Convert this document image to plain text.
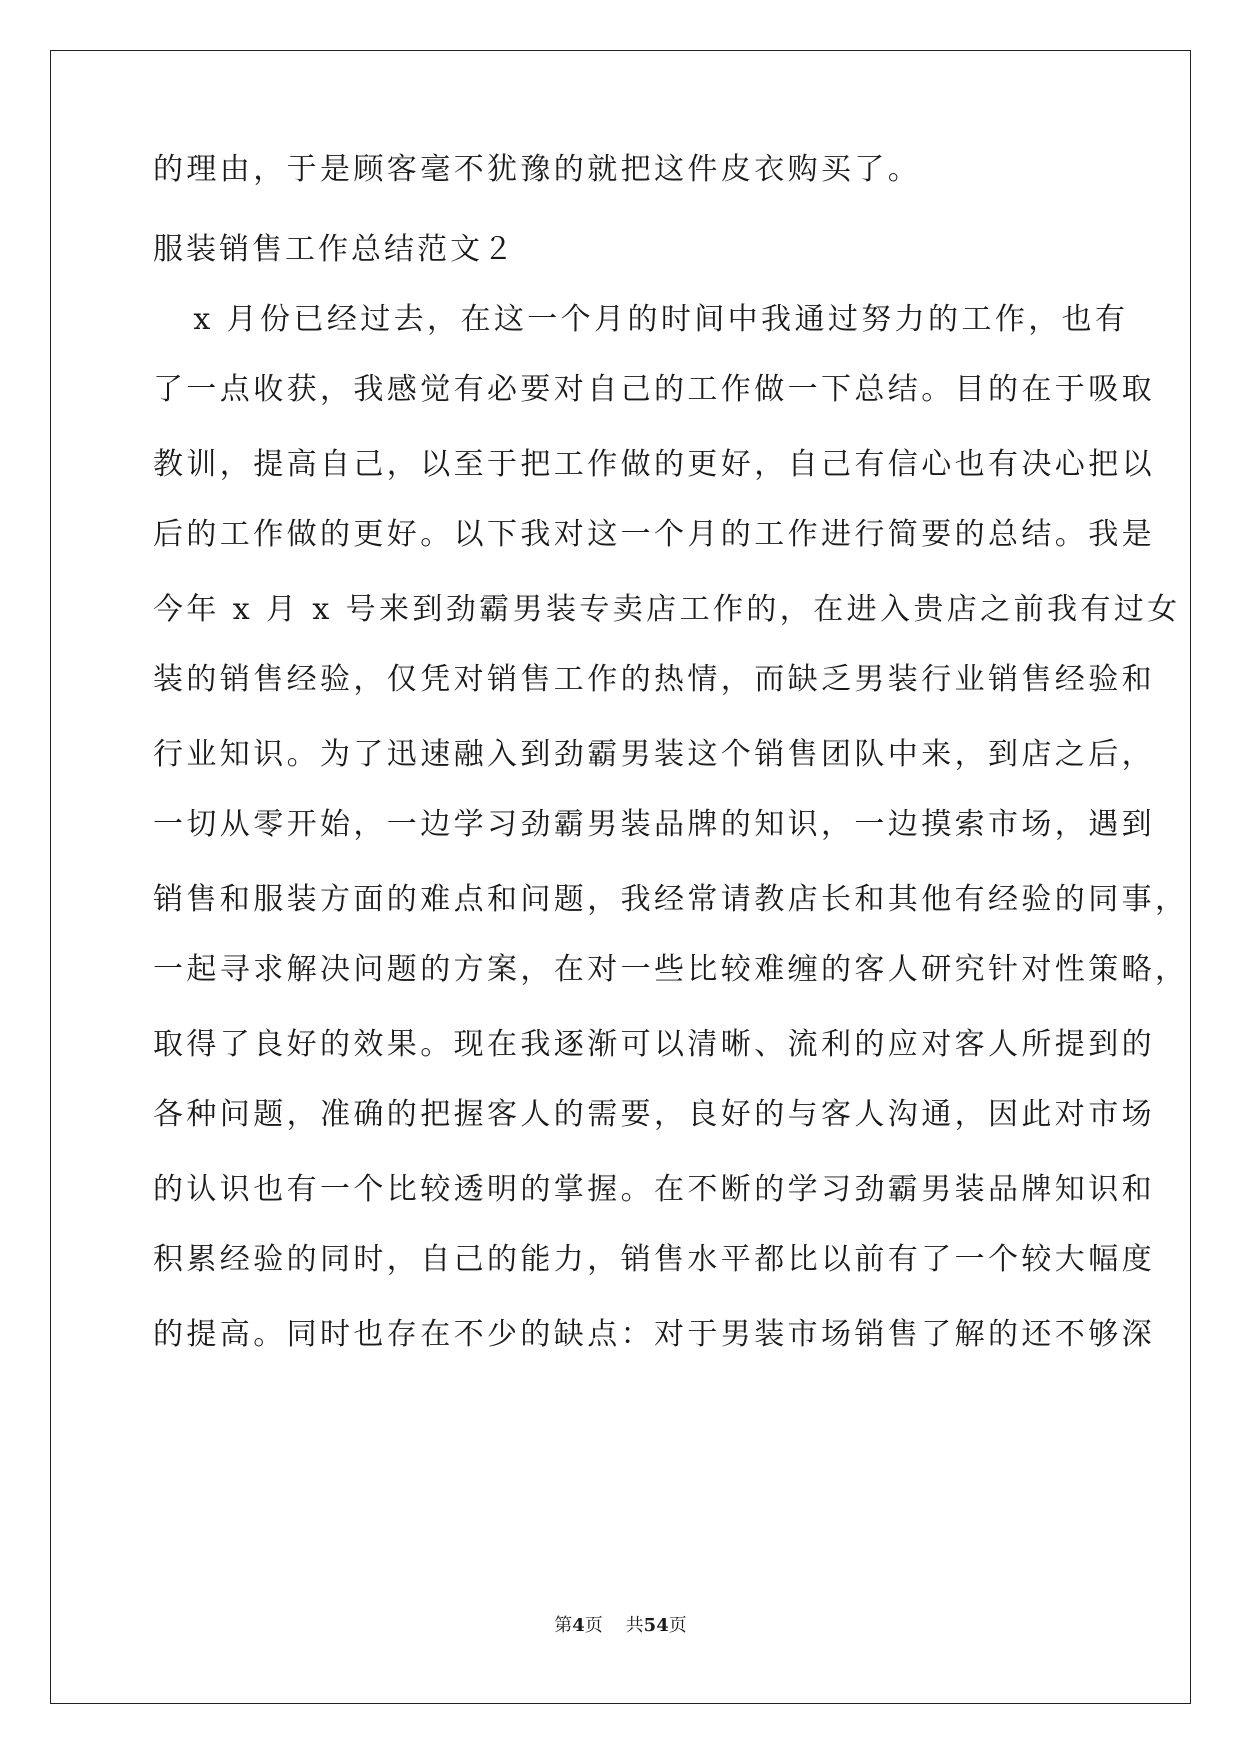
的理由，于是顾客毫不犹豫的就把这件皮衣购买了。
服装销售工作总结范文２
　x 月份已经过去，在这一个月的时间中我通过努力的工作，也有
了一点收获，我感觉有必要对自己的工作做一下总结。目的在于吸取
教训，提高自己，以至于把工作做的更好，自己有信心也有决心把以
后的工作做的更好。以下我对这一个月的工作进行简要的总结。我是
今年 x 月 x 号来到劲霸男装专卖店工作的，在进入贵店之前我有过女
装的销售经验，仅凭对销售工作的热情，而缺乏男装行业销售经验和
行业知识。为了迅速融入到劲霸男装这个销售团队中来，到店之后，
一切从零开始，一边学习劲霸男装品牌的知识，一边摸索市场，遇到
销售和服装方面的难点和问题，我经常请教店长和其他有经验的同事，
一起寻求解决问题的方案，在对一些比较难缠的客人研究针对性策略，
取得了良好的效果。现在我逐渐可以清晰、流利的应对客人所提到的
各种问题，准确的把握客人的需要，良好的与客人沟通，因此对市场
的认识也有一个比较透明的掌握。在不断的学习劲霸男装品牌知识和
积累经验的同时，自己的能力，销售水平都比以前有了一个较大幅度
的提高。同时也存在不少的缺点：对于男装市场销售了解的还不够深
第4页 共54页
